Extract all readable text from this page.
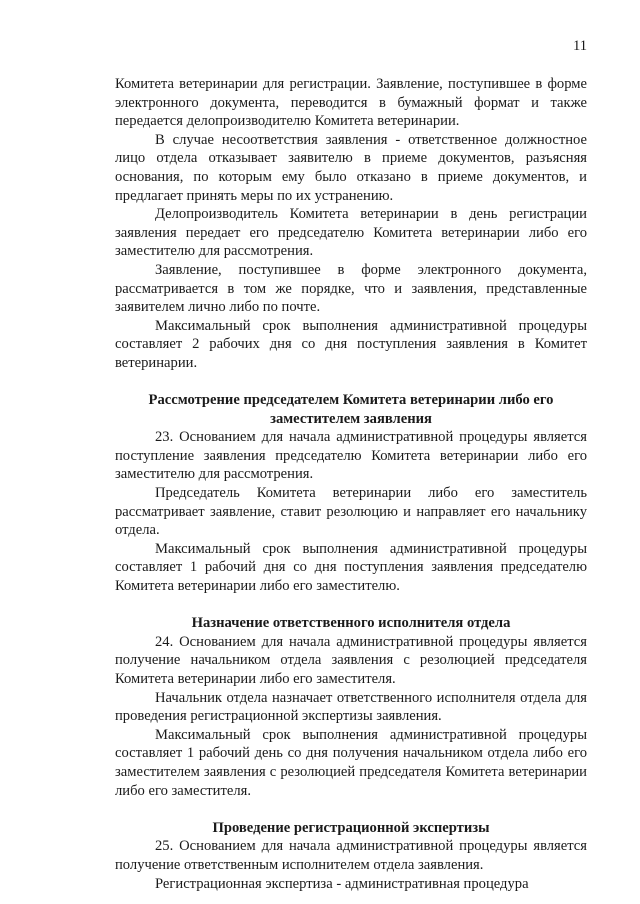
11

Комитета ветеринарии для регистрации. Заявление, поступившее в форме электронного документа, переводится в бумажный формат и также передается делопроизводителю Комитета ветеринарии.

В случае несоответствия заявления - ответственное должностное лицо отдела отказывает заявителю в приеме документов, разъясняя основания, по которым ему было отказано в приеме документов, и предлагает принять меры по их устранению.

Делопроизводитель Комитета ветеринарии в день регистрации заявления передает его председателю Комитета ветеринарии либо его заместителю для рассмотрения.

Заявление, поступившее в форме электронного документа, рассматривается в том же порядке, что и заявления, представленные заявителем лично либо по почте.

Максимальный срок выполнения административной процедуры составляет 2 рабочих дня со дня поступления заявления в Комитет ветеринарии.

Рассмотрение председателем Комитета ветеринарии либо его заместителем заявления

23. Основанием для начала административной процедуры является поступление заявления председателю Комитета ветеринарии либо его заместителю для рассмотрения.

Председатель Комитета ветеринарии либо его заместитель рассматривает заявление, ставит резолюцию и направляет его начальнику отдела.

Максимальный срок выполнения административной процедуры составляет 1 рабочий дня со дня поступления заявления председателю Комитета ветеринарии либо его заместителю.

Назначение ответственного исполнителя отдела

24. Основанием для начала административной процедуры является получение начальником отдела заявления с резолюцией председателя Комитета ветеринарии либо его заместителя.

Начальник отдела назначает ответственного исполнителя отдела для проведения регистрационной экспертизы заявления.

Максимальный срок выполнения административной процедуры составляет 1 рабочий день со дня получения начальником отдела либо его заместителем заявления с резолюцией председателя Комитета ветеринарии либо его заместителя.

Проведение регистрационной экспертизы

25. Основанием для начала административной процедуры является получение ответственным исполнителем отдела заявления.

Регистрационная экспертиза - административная процедура
